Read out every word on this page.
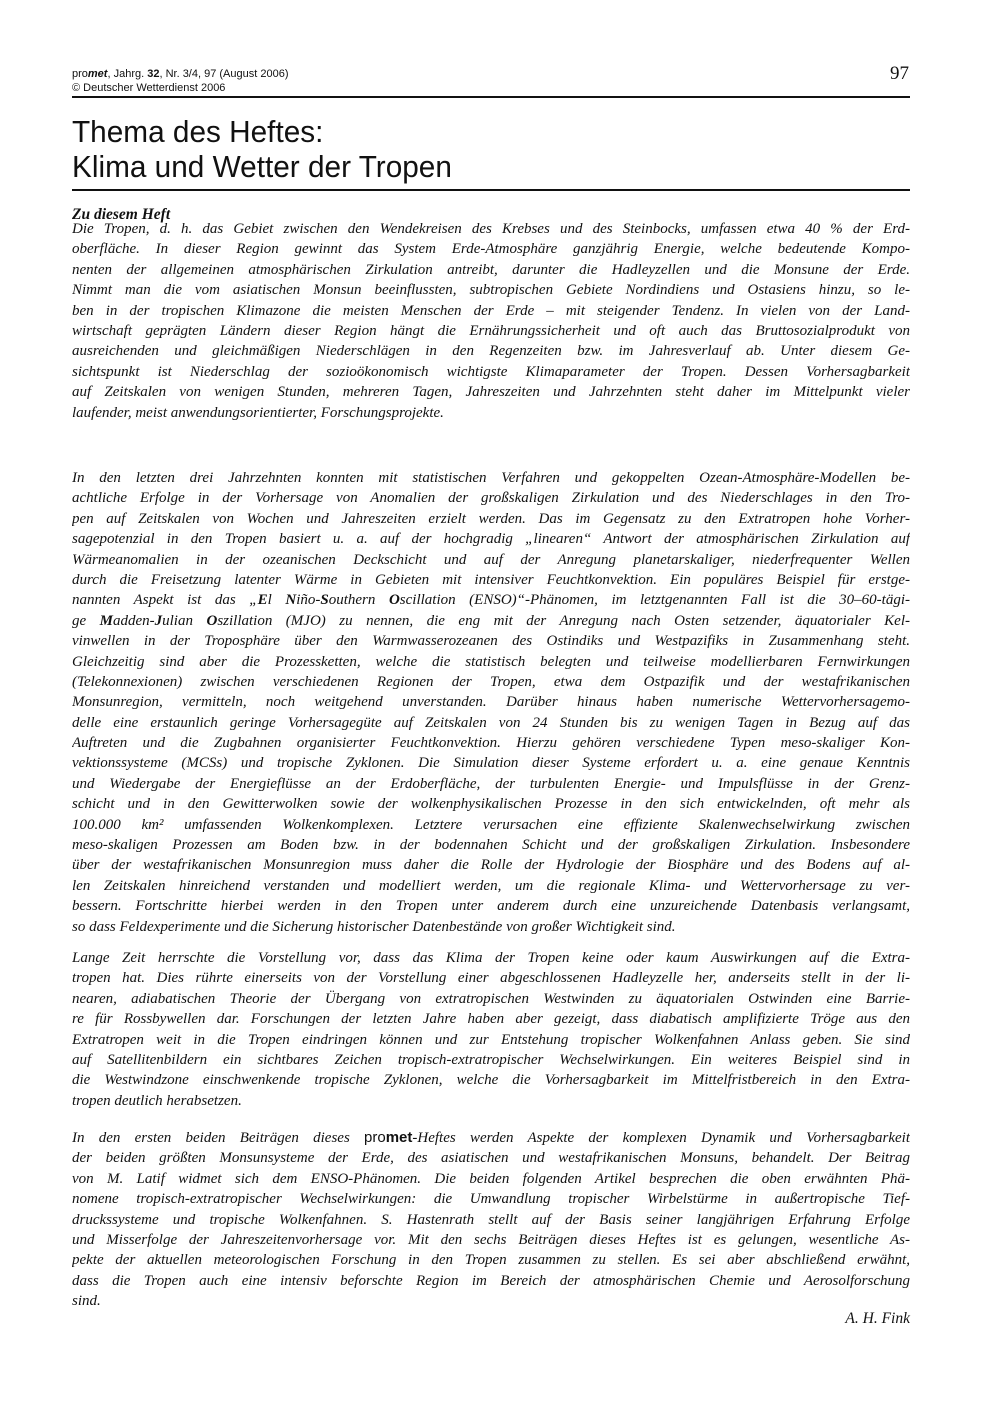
promet, Jahrg. 32, Nr. 3/4, 97 (August 2006)
© Deutscher Wetterdienst 2006
97
Thema des Heftes:
Klima und Wetter der Tropen
Zu diesem Heft
Die Tropen, d. h. das Gebiet zwischen den Wendekreisen des Krebses und des Steinbocks, umfassen etwa 40 % der Erd-
oberfläche. In dieser Region gewinnt das System Erde-Atmosphäre ganzjährig Energie, welche bedeutende Kompo-
nenten der allgemeinen atmosphärischen Zirkulation antreibt, darunter die Hadleyzellen und die Monsune der Erde.
Nimmt man die vom asiatischen Monsun beeinflussten, subtropischen Gebiete Nordindiens und Ostasiens hinzu, so le-
ben in der tropischen Klimazone die meisten Menschen der Erde – mit steigender Tendenz. In vielen von der Land-
wirtschaft geprägten Ländern dieser Region hängt die Ernährungssicherheit und oft auch das Bruttosozialprodukt von
ausreichenden und gleichmäßigen Niederschlägen in den Regenzeiten bzw. im Jahresverlauf ab. Unter diesem Ge-
sichtspunkt ist Niederschlag der sozioökonomisch wichtigste Klimaparameter der Tropen. Dessen Vorhersagbarkeit
auf Zeitskalen von wenigen Stunden, mehreren Tagen, Jahreszeiten und Jahrzehnten steht daher im Mittelpunkt vieler
laufender, meist anwendungsorientierter, Forschungsprojekte.
In den letzten drei Jahrzehnten konnten mit statistischen Verfahren und gekoppelten Ozean-Atmosphäre-Modellen be-
achtliche Erfolge in der Vorhersage von Anomalien der großskaligen Zirkulation und des Niederschlages in den Tro-
pen auf Zeitskalen von Wochen und Jahreszeiten erzielt werden. Das im Gegensatz zu den Extratropen hohe Vorher-
sagepotenzial in den Tropen basiert u. a. auf der hochgradig „linearen“ Antwort der atmosphärischen Zirkulation auf
Wärmeanomalien in der ozeanischen Deckschicht und auf der Anregung planetarskaliger, niederfrequenter Wellen
durch die Freisetzung latenter Wärme in Gebieten mit intensiver Feuchtkonvektion. Ein populäres Beispiel für erstge-
nannten Aspekt ist das „El Niño-Southern Oscillation (ENSO)“-Phänomen, im letztgenannten Fall ist die 30–60-tägi-
ge Madden-Julian Oszillation (MJO) zu nennen, die eng mit der Anregung nach Osten setzender, äquatorialer Kel-
vinwellen in der Troposphäre über den Warmwasserozeanen des Ostindiks und Westpazifiks in Zusammenhang steht.
Gleichzeitig sind aber die Prozessketten, welche die statistisch belegten und teilweise modellierbaren Fernwirkungen
(Telekonnexionen) zwischen verschiedenen Regionen der Tropen, etwa dem Ostpazifik und der westafrikanischen
Monsunregion, vermitteln, noch weitgehend unverstanden. Darüber hinaus haben numerische Wettervorhersagemo-
delle eine erstaunlich geringe Vorhersagegüte auf Zeitskalen von 24 Stunden bis zu wenigen Tagen in Bezug auf das
Auftreten und die Zugbahnen organisierter Feuchtkonvektion. Hierzu gehören verschiedene Typen meso-skaliger Kon-
vektionssysteme (MCSs) und tropische Zyklonen. Die Simulation dieser Systeme erfordert u. a. eine genaue Kenntnis
und Wiedergabe der Energieflüsse an der Erdoberfläche, der turbulenten Energie- und Impulsflüsse in der Grenz-
schicht und in den Gewitterwolken sowie der wolkenphysikalischen Prozesse in den sich entwickelnden, oft mehr als
100.000 km² umfassenden Wolkenkomplexen. Letztere verursachen eine effiziente Skalenwechselwirkung zwischen
meso-skaligen Prozessen am Boden bzw. in der bodennahen Schicht und der großskaligen Zirkulation. Insbesondere
über der westafrikanischen Monsunregion muss daher die Rolle der Hydrologie der Biosphäre und des Bodens auf al-
len Zeitskalen hinreichend verstanden und modelliert werden, um die regionale Klima- und Wettervorhersage zu ver-
bessern. Fortschritte hierbei werden in den Tropen unter anderem durch eine unzureichende Datenbasis verlangsamt,
so dass Feldexperimente und die Sicherung historischer Datenbestände von großer Wichtigkeit sind.
Lange Zeit herrschte die Vorstellung vor, dass das Klima der Tropen keine oder kaum Auswirkungen auf die Extra-
tropen hat. Dies rührte einerseits von der Vorstellung einer abgeschlossenen Hadleyzelle her, anderseits stellt in der li-
nearen, adiabatischen Theorie der Übergang von extratropischen Westwinden zu äquatorialen Ostwinden eine Barrie-
re für Rossbywellen dar. Forschungen der letzten Jahre haben aber gezeigt, dass diabatisch amplifizierte Tröge aus den
Extratropen weit in die Tropen eindringen können und zur Entstehung tropischer Wolkenfahnen Anlass geben. Sie sind
auf Satellitenbildern ein sichtbares Zeichen tropisch-extratropischer Wechselwirkungen. Ein weiteres Beispiel sind in
die Westwindzone einschwenkende tropische Zyklonen, welche die Vorhersagbarkeit im Mittelfristbereich in den Extra-
tropen deutlich herabsetzen.
In den ersten beiden Beiträgen dieses promet-Heftes werden Aspekte der komplexen Dynamik und Vorhersagbarkeit
der beiden größten Monsunsysteme der Erde, des asiatischen und westafrikanischen Monsuns, behandelt. Der Beitrag
von M. Latif widmet sich dem ENSO-Phänomen. Die beiden folgenden Artikel besprechen die oben erwähnten Phä-
nomene tropisch-extratropischer Wechselwirkungen: die Umwandlung tropischer Wirbelstürme in außertropische Tief-
druckssysteme und tropische Wolkenfahnen. S. Hastenrath stellt auf der Basis seiner langjährigen Erfahrung Erfolge
und Misserfolge der Jahreszeitenvorhersage vor. Mit den sechs Beiträgen dieses Heftes ist es gelungen, wesentliche As-
pekte der aktuellen meteorologischen Forschung in den Tropen zusammen zu stellen. Es sei aber abschließend erwähnt,
dass die Tropen auch eine intensiv beforschte Region im Bereich der atmosphärischen Chemie und Aerosolforschung
sind.
A. H. Fink
